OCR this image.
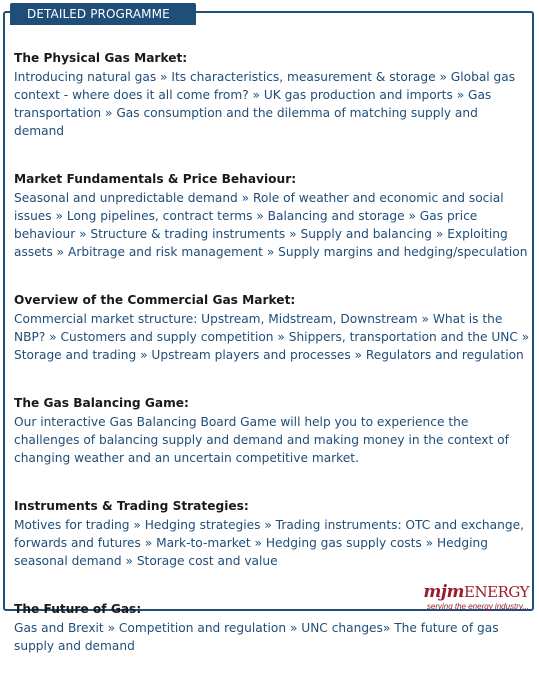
DETAILED PROGRAMME
The Physical Gas Market:

Introducing natural gas » Its characteristics, measurement & storage » Global gas context - where does it all come from? » UK gas production and imports » Gas transportation » Gas consumption and the dilemma of matching supply and demand

Market Fundamentals & Price Behaviour:

Seasonal and unpredictable demand » Role of weather and economic and social issues » Long pipelines, contract terms » Balancing and storage » Gas price behaviour » Structure & trading instruments » Supply and balancing » Exploiting assets » Arbitrage and risk management » Supply margins and hedging/speculation

Overview of the Commercial Gas Market:

Commercial market structure: Upstream, Midstream, Downstream » What is the NBP? » Customers and supply competition » Shippers, transportation and the UNC » Storage and trading » Upstream players and processes » Regulators and regulation

The Gas Balancing Game:

Our interactive Gas Balancing Board Game will help you to experience the challenges of balancing supply and demand and making money in the context of changing weather and an uncertain competitive market.

Instruments & Trading Strategies:

Motives for trading » Hedging strategies » Trading instruments: OTC and exchange, forwards and futures » Mark-to-market » Hedging gas supply costs » Hedging seasonal demand » Storage cost and value

The Future of Gas:

Gas and Brexit » Competition and regulation » UNC changes» The future of gas supply and demand

mjmENERGY
serving the energy industry...
